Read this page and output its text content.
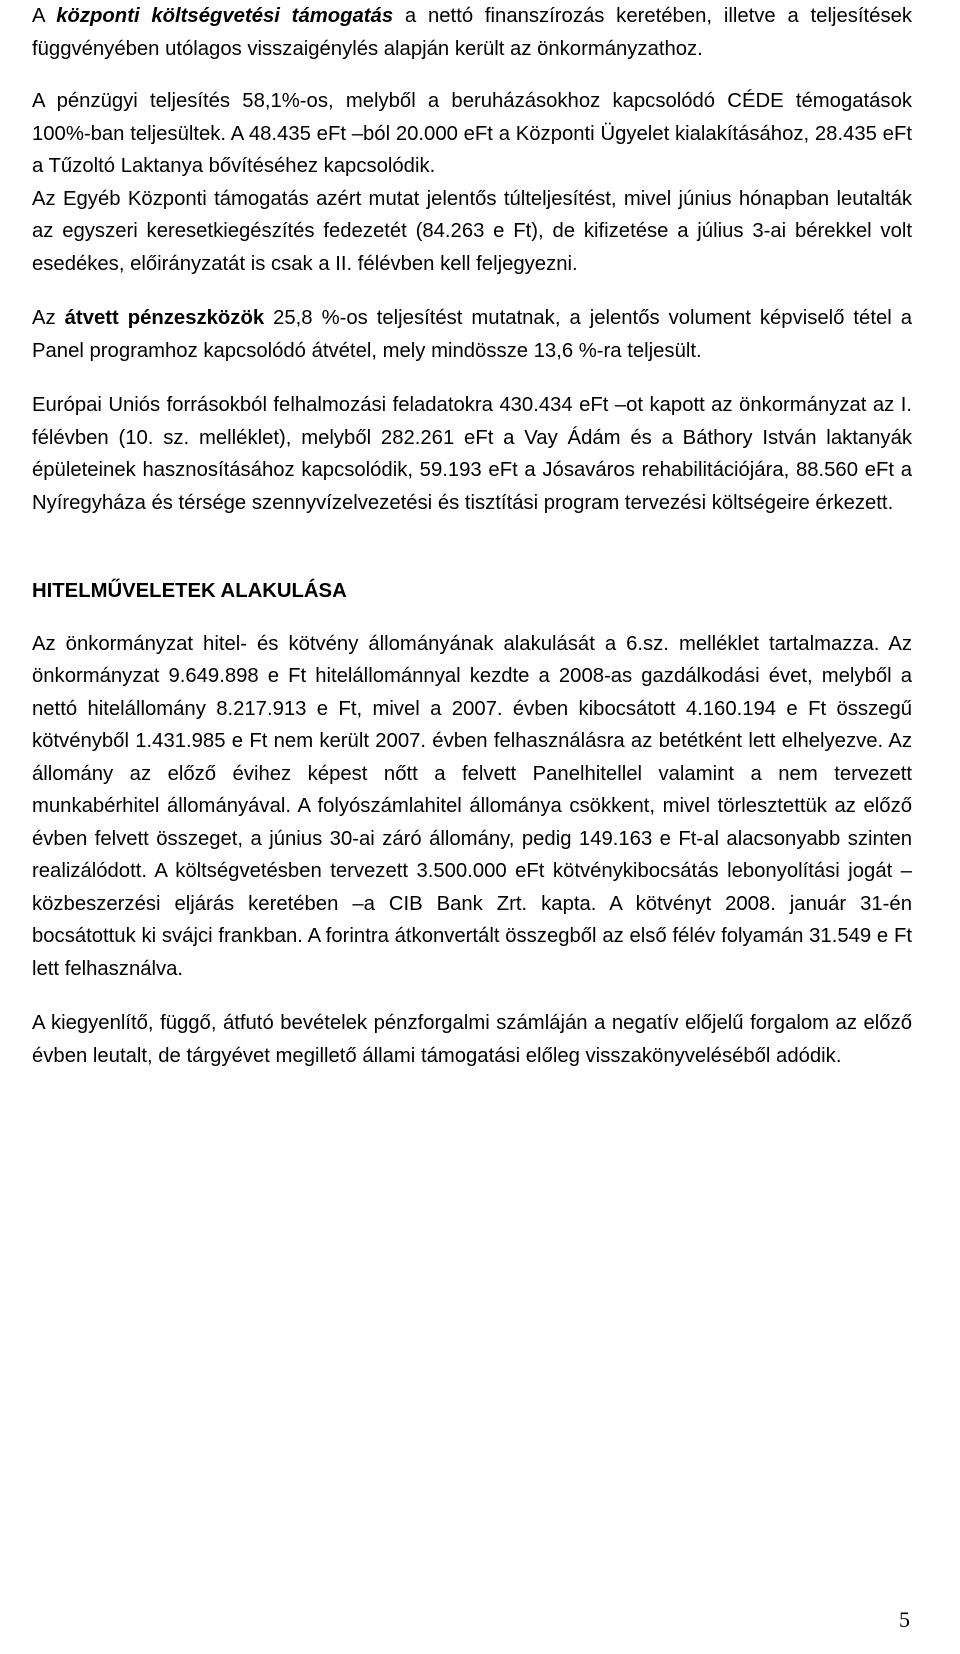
A központi költségvetési támogatás a nettó finanszírozás keretében, illetve a teljesítések függvényében utólagos visszaigénylés alapján került az önkormányzathoz.

A pénzügyi teljesítés 58,1%-os, melyből a beruházásokhoz kapcsolódó CÉDE témogatások 100%-ban teljesültek. A 48.435 eFt –ból 20.000 eFt a Központi Ügyelet kialakításához, 28.435 eFt a Tűzoltó Laktanya bővítéséhez kapcsolódik.

Az Egyéb Központi támogatás azért mutat jelentős túlteljesítést, mivel június hónapban leutalták az egyszeri keresetkiegészítés fedezetét (84.263 e Ft), de kifizetése a július 3-ai bérekkel volt esedékes, előirányzatát is csak a II. félévben kell feljegyezni.

Az átvett pénzeszközök 25,8 %-os teljesítést mutatnak, a jelentős volument képviselő tétel a Panel programhoz kapcsolódó átvétel, mely mindössze 13,6 %-ra teljesült.

Európai Uniós forrásokból felhalmozási feladatokra 430.434 eFt –ot kapott az önkormányzat az I. félévben (10. sz. melléklet), melyből 282.261 eFt a Vay Ádám és a Báthory István laktanyák épületeinek hasznosításához kapcsolódik, 59.193 eFt a Jósaváros rehabilitációjára, 88.560 eFt a Nyíregyháza és térsége szennyvízelvezetési és tisztítási program tervezési költségeire érkezett.

HITELMŰVELETEK ALAKULÁSA

Az önkormányzat hitel- és kötvény állományának alakulását a 6.sz. melléklet tartalmazza. Az önkormányzat 9.649.898 e Ft hitelállománnyal kezdte a 2008-as gazdálkodási évet, melyből a nettó hitelállomány 8.217.913 e Ft, mivel a 2007. évben kibocsátott 4.160.194 e Ft összegű kötvényből 1.431.985 e Ft nem került 2007. évben felhasználásra az betétként lett elhelyezve. Az állomány az előző évihez képest nőtt a felvett Panelhitellel valamint a nem tervezett munkabérhitel állományával. A folyószámlahitel állománya csökkent, mivel törlesztettük az előző évben felvett összeget, a június 30-ai záró állomány, pedig 149.163 e Ft-al alacsonyabb szinten realizálódott. A költségvetésben tervezett 3.500.000 eFt kötvénykibocsátás lebonyolítási jogát –közbeszerzési eljárás keretében –a CIB Bank Zrt. kapta. A kötvényt 2008. január 31-én bocsátottuk ki svájci frankban. A forintra átkonvertált összegből az első félév folyamán 31.549 e Ft lett felhasználva.

A kiegyenlítő, függő, átfutó bevételek pénzforgalmi számláján a negatív előjelű forgalom az előző évben leutalt, de tárgyévet megillető állami támogatási előleg visszakönyveléséből adódik.

5
